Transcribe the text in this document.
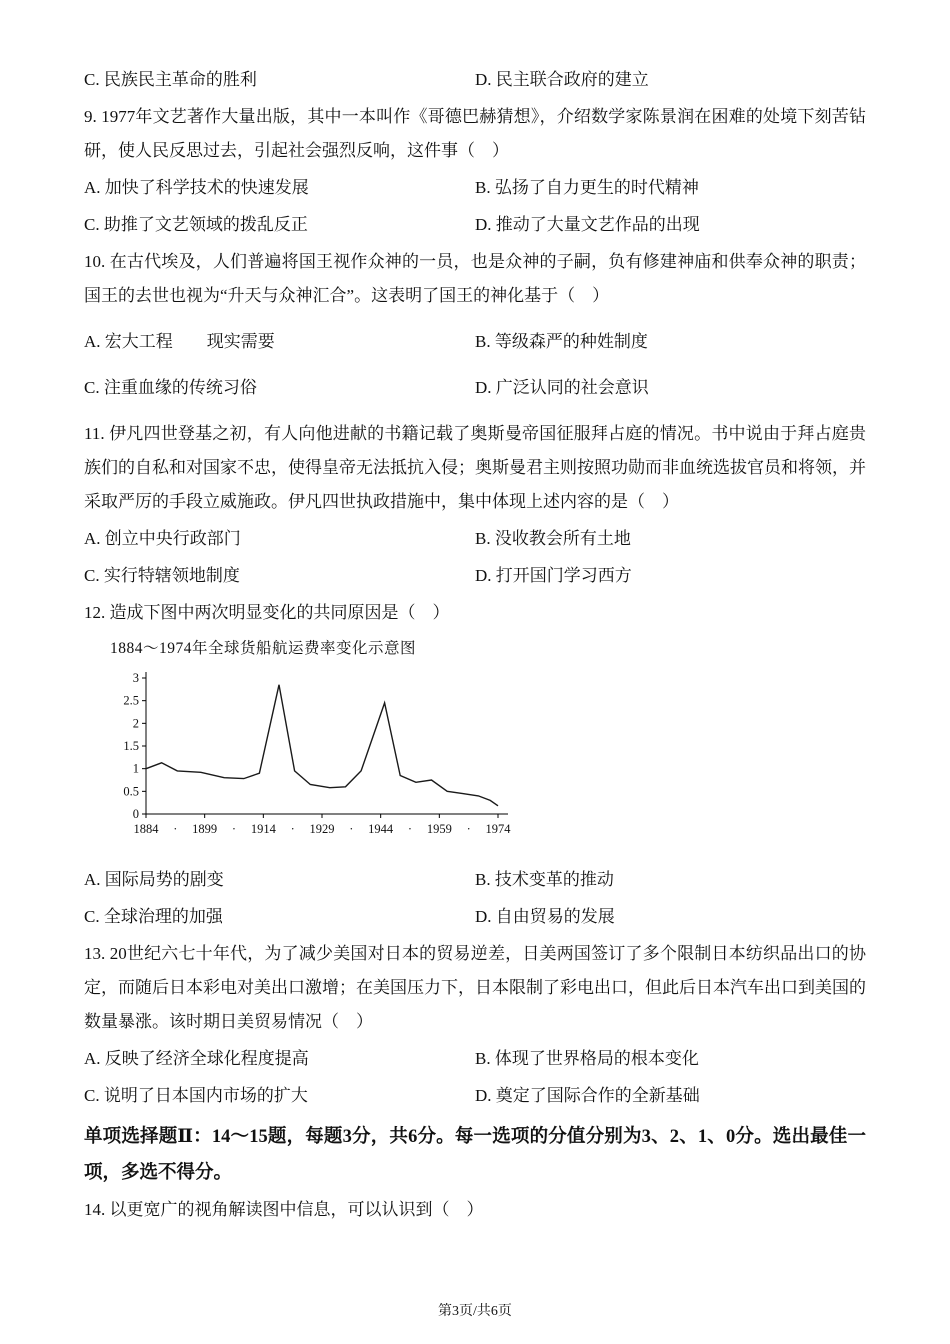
C. 民族民主革命的胜利	D. 民主联合政府的建立

9. 1977年文艺著作大量出版，其中一本叫作《哥德巴赫猜想》，介绍数学家陈景润在困难的处境下刻苦钻研，使人民反思过去，引起社会强烈反响，这件事（　）

A. 加快了科学技术的快速发展	B. 弘扬了自力更生的时代精神
C. 助推了文艺领域的拨乱反正	D. 推动了大量文艺作品的出现

10. 在古代埃及，人们普遍将国王视作众神的一员，也是众神的子嗣，负有修建神庙和供奉众神的职责；国王的去世也视为“升天与众神汇合”。这表明了国王的神化基于（　）

A. 宏大工程　　现实需要	B. 等级森严的种姓制度
C. 注重血缘的传统习俗	D. 广泛认同的社会意识

11. 伊凡四世登基之初，有人向他进献的书籍记载了奥斯曼帝国征服拜占庭的情况。书中说由于拜占庭贵族们的自私和对国家不忠，使得皇帝无法抵抗入侵；奥斯曼君主则按照功勋而非血统选拔官员和将领，并采取严厉的手段立威施政。伊凡四世执政措施中，集中体现上述内容的是（　）

A. 创立中央行政部门	B. 没收教会所有土地
C. 实行特辖领地制度	D. 打开国门学习西方

12. 造成下图中两次明显变化的共同原因是（　）

1884～1974年全球货船航运费率变化示意图
0
0.5
1
1.5
2
2.5
3
1884 · 1899 · 1914 · 1929 · 1944 · 1959 · 1974
A. 国际局势的剧变	B. 技术变革的推动
C. 全球治理的加强	D. 自由贸易的发展

13. 20世纪六七十年代，为了减少美国对日本的贸易逆差，日美两国签订了多个限制日本纺织品出口的协定，而随后日本彩电对美出口激增；在美国压力下，日本限制了彩电出口，但此后日本汽车出口到美国的数量暴涨。该时期日美贸易情况（　）

A. 反映了经济全球化程度提高	B. 体现了世界格局的根本变化
C. 说明了日本国内市场的扩大	D. 奠定了国际合作的全新基础

单项选择题Ⅱ：14～15题，每题3分，共6分。每一选项的分值分别为3、2、1、0分。选出最佳一项，多选不得分。

14. 以更宽广的视角解读图中信息，可以认识到（　）

第3页/共6页
